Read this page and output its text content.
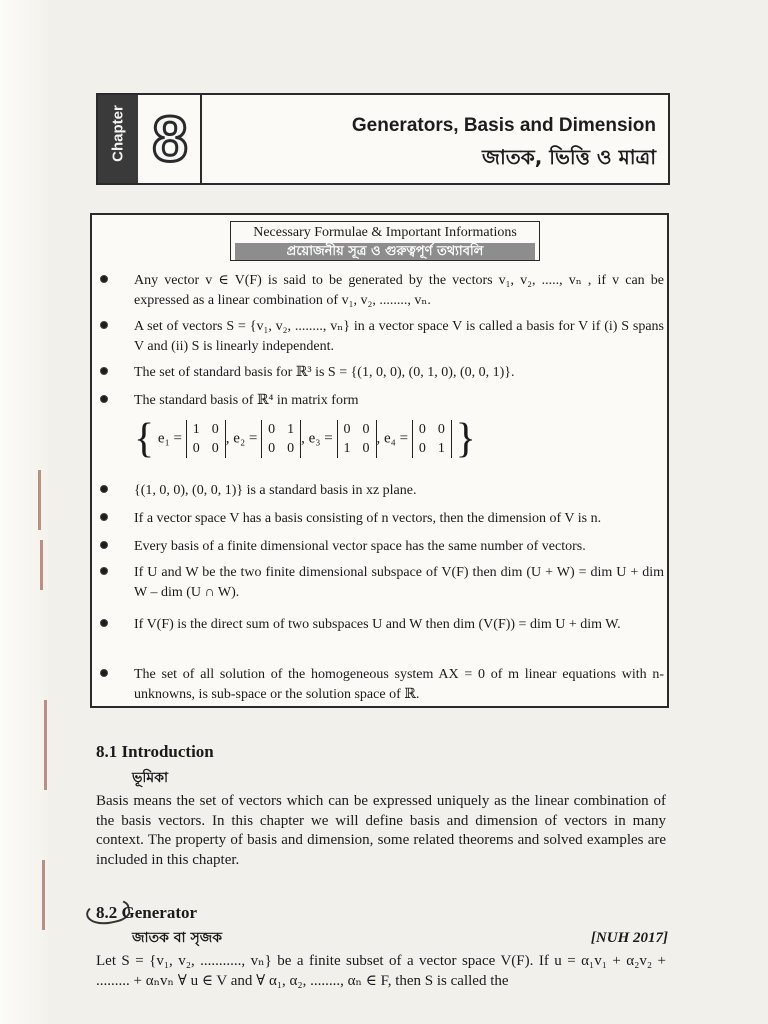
Chapter 8	Generators, Basis and Dimension
জাতক, ভিত্তি ও মাত্রা
Necessary Formulae & Important Informations
প্রয়োজনীয় সূত্র ও গুরুত্বপূর্ণ তথ্যাবলি
Any vector v ∈ V(F) is said to be generated by the vectors v₁, v₂, ....., vₙ , if v can be expressed as a linear combination of v₁, v₂, ........, vₙ.
A set of vectors S = {v₁, v₂, ........, vₙ} in a vector space V is called a basis for V if (i) S spans V and (ii) S is linearly independent.
The set of standard basis for ℝ³ is S = {(1, 0, 0), (0, 1, 0), (0, 0, 1)}.
The standard basis of ℝ⁴ in matrix form
{ e₁ =
1	0
0	0
, e₂ =
0	1
0	0
, e₃ =
0	0
1	0
, e₄ =
0	0
0	1 }
{(1, 0, 0), (0, 0, 1)} is a standard basis in xz plane.
If a vector space V has a basis consisting of n vectors, then the dimension of V is n.
Every basis of a finite dimensional vector space has the same number of vectors.
If U and W be the two finite dimensional subspace of V(F) then dim (U + W) = dim U + dim W – dim (U ∩ W).
If V(F) is the direct sum of two subspaces U and W then dim (V(F)) = dim U + dim W.
The set of all solution of the homogeneous system AX = 0 of m linear equations with n-unknowns, is sub-space or the solution space of ℝ.
8.1 Introduction
ভূমিকা
Basis means the set of vectors which can be expressed uniquely as the linear combination of the basis vectors. In this chapter we will define basis and dimension of vectors in many context. The property of basis and dimension, some related theorems and solved examples are included in this chapter.
8.2 Generator
জাতক বা সৃজক	[NUH 2017]
Let S = {v₁, v₂, ..........., vₙ} be a finite subset of a vector space V(F). If u = α₁v₁ + α₂v₂ + ......... + αₙvₙ ∀ u ∈ V and ∀ α₁, α₂, ........, αₙ ∈ F, then S is called the
